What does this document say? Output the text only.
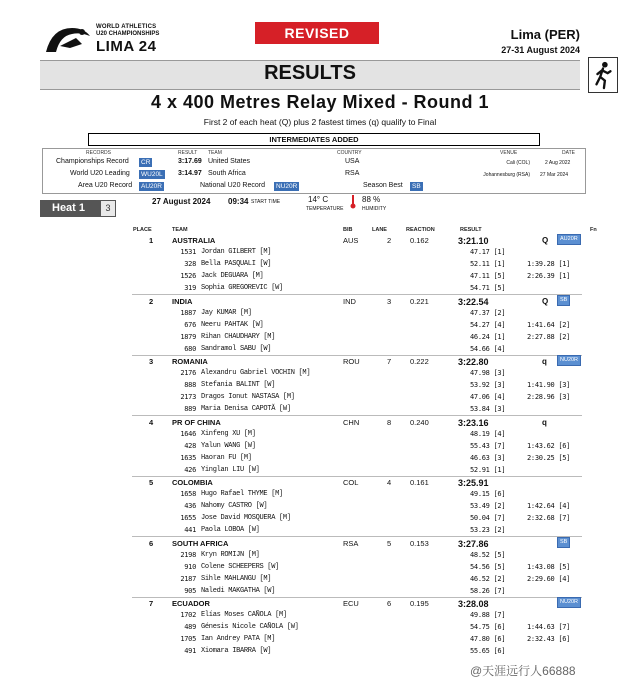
WORLD ATHLETICS
U20 CHAMPIONSHIPS
LIMA 24
REVISED	Lima (PER)
27-31 August 2024
RESULTS
4 x 400 Metres Relay Mixed - Round 1
First 2 of each heat (Q) plus 2 fastest times (q) qualify to Final
INTERMEDIATES ADDED
RECORDS	RESULT TEAM	COUNTRY	VENUE	DATE
Championships Record	CR	3:17.69 United States	USA	Cali (COL)	2 Aug 2022
World U20 Leading	WU20L 3:14.97 South Africa	RSA	Johannesburg (RSA) 27 Mar 2024
Area U20 Record	AU20R	National U20 Record	NU20R	Season Best	SB
Heat 1	3
27 August 2024 09:34 START TIME	14° C
TEMPERATURE
88 %
HUMIDITY
PLACE	TEAM	BIB	LANE	REACTION	RESULT	Fn
1	AUSTRALIA	AUS	2	0.162	3:21.10	Q	AU20R
1531 Jordan GILBERT [M]	47.17 [1]
328 Bella PASQUALI [W]	52.11 [1]	1:39.28 [1]
1526 Jack DEGUARA [M]	47.11 [5]	2:26.39 [1]
319 Sophia GREGOREVIC [W]	54.71 [5]
2	INDIA	IND	3	0.221	3:22.54	Q	SB
1887 Jay KUMAR [M]	47.37 [2]
676 Neeru PAHTAK [W]	54.27 [4]	1:41.64 [2]
1879 Rihan CHAUDHARY [M]	46.24 [1]	2:27.88 [2]
680 Sandramol SABU [W]	54.66 [4]
3	ROMANIA	ROU	7	0.222	3:22.80	q	NU20R
2176 Alexandru Gabriel VOCHIN [M]	47.98 [3]
888 Stefania BALINT [W]	53.92 [3]	1:41.90 [3]
2173 Dragos Ionut NASTASA [M]	47.06 [4]	2:28.96 [3]
889 Maria Denisa CAPOTĂ [W]	53.84 [3]
4	PR OF CHINA	CHN	8	0.240	3:23.16	q
1646 Xinfeng XU [M]	48.19 [4]
428 Yalun WANG [W]	55.43 [7]	1:43.62 [6]
1635 Haoran FU [M]	46.63 [3]	2:30.25 [5]
426 Yinglan LIU [W]	52.91 [1]
5	COLOMBIA	COL	4	0.161	3:25.91
1658 Hugo Rafael THYME [M]	49.15 [6]
436 Nahomy CASTRO [W]	53.49 [2]	1:42.64 [4]
1655 Jose David MOSQUERA [M]	50.04 [7]	2:32.68 [7]
441 Paola LOBOA [W]	53.23 [2]
6	SOUTH AFRICA	RSA	5	0.153	3:27.86	SB
2198 Kryn ROMIJN [M]	48.52 [5]
910 Colene SCHEEPERS [W]	54.56 [5]	1:43.08 [5]
2187 Sihle MAHLANGU [M]	46.52 [2]	2:29.60 [4]
905 Naledi MAKGATHA [W]	58.26 [7]
7	ECUADOR	ECU	6	0.195	3:28.08	NU20R
1702 Elías Moses CAÑOLA [M]	49.88 [7]
489 Génesis Nicole CAÑOLA [W]	54.75 [6]	1:44.63 [7]
1705 Ian Andrey PATA [M]	47.80 [6]	2:32.43 [6]
491 Xiomara IBARRA [W]	55.65 [6]
@天涯远行人66888
